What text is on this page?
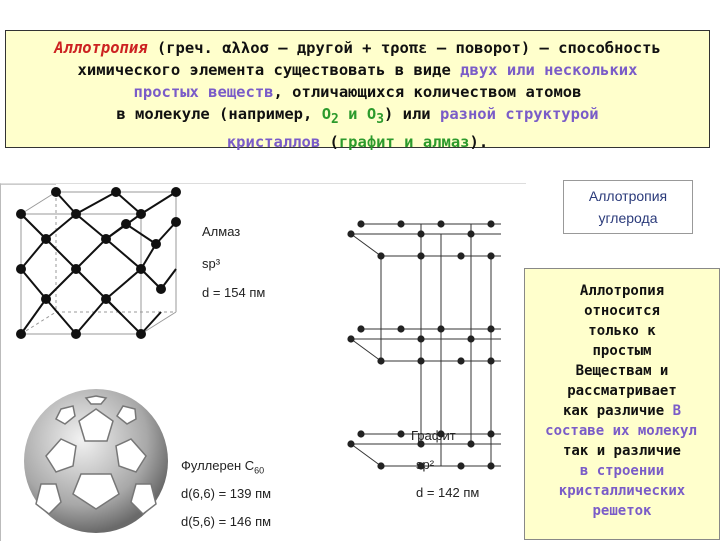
Аллотропия (греч. αλλοσ – другой + τροπε – поворот) – способность
химического элемента существовать в виде двух или нескольких
простых веществ, отличающихся количеством атомов
в молекуле (например, $O_2$ и $O_3$) или разной структурой
кристаллов (графит и алмаз).

Алмаз
sp³
d = 154 пм
Графит
sp²
d = 142 пм
Фуллерен $С_{60}$
d(6,6) = 139 пм
d(5,6) = 146 пм
Аллотропия
углерода
Аллотропия
относится
только к
простым
Веществам и
рассматривает
как различие В
составе их молекул
так и различие
в строении
кристаллических
решеток
